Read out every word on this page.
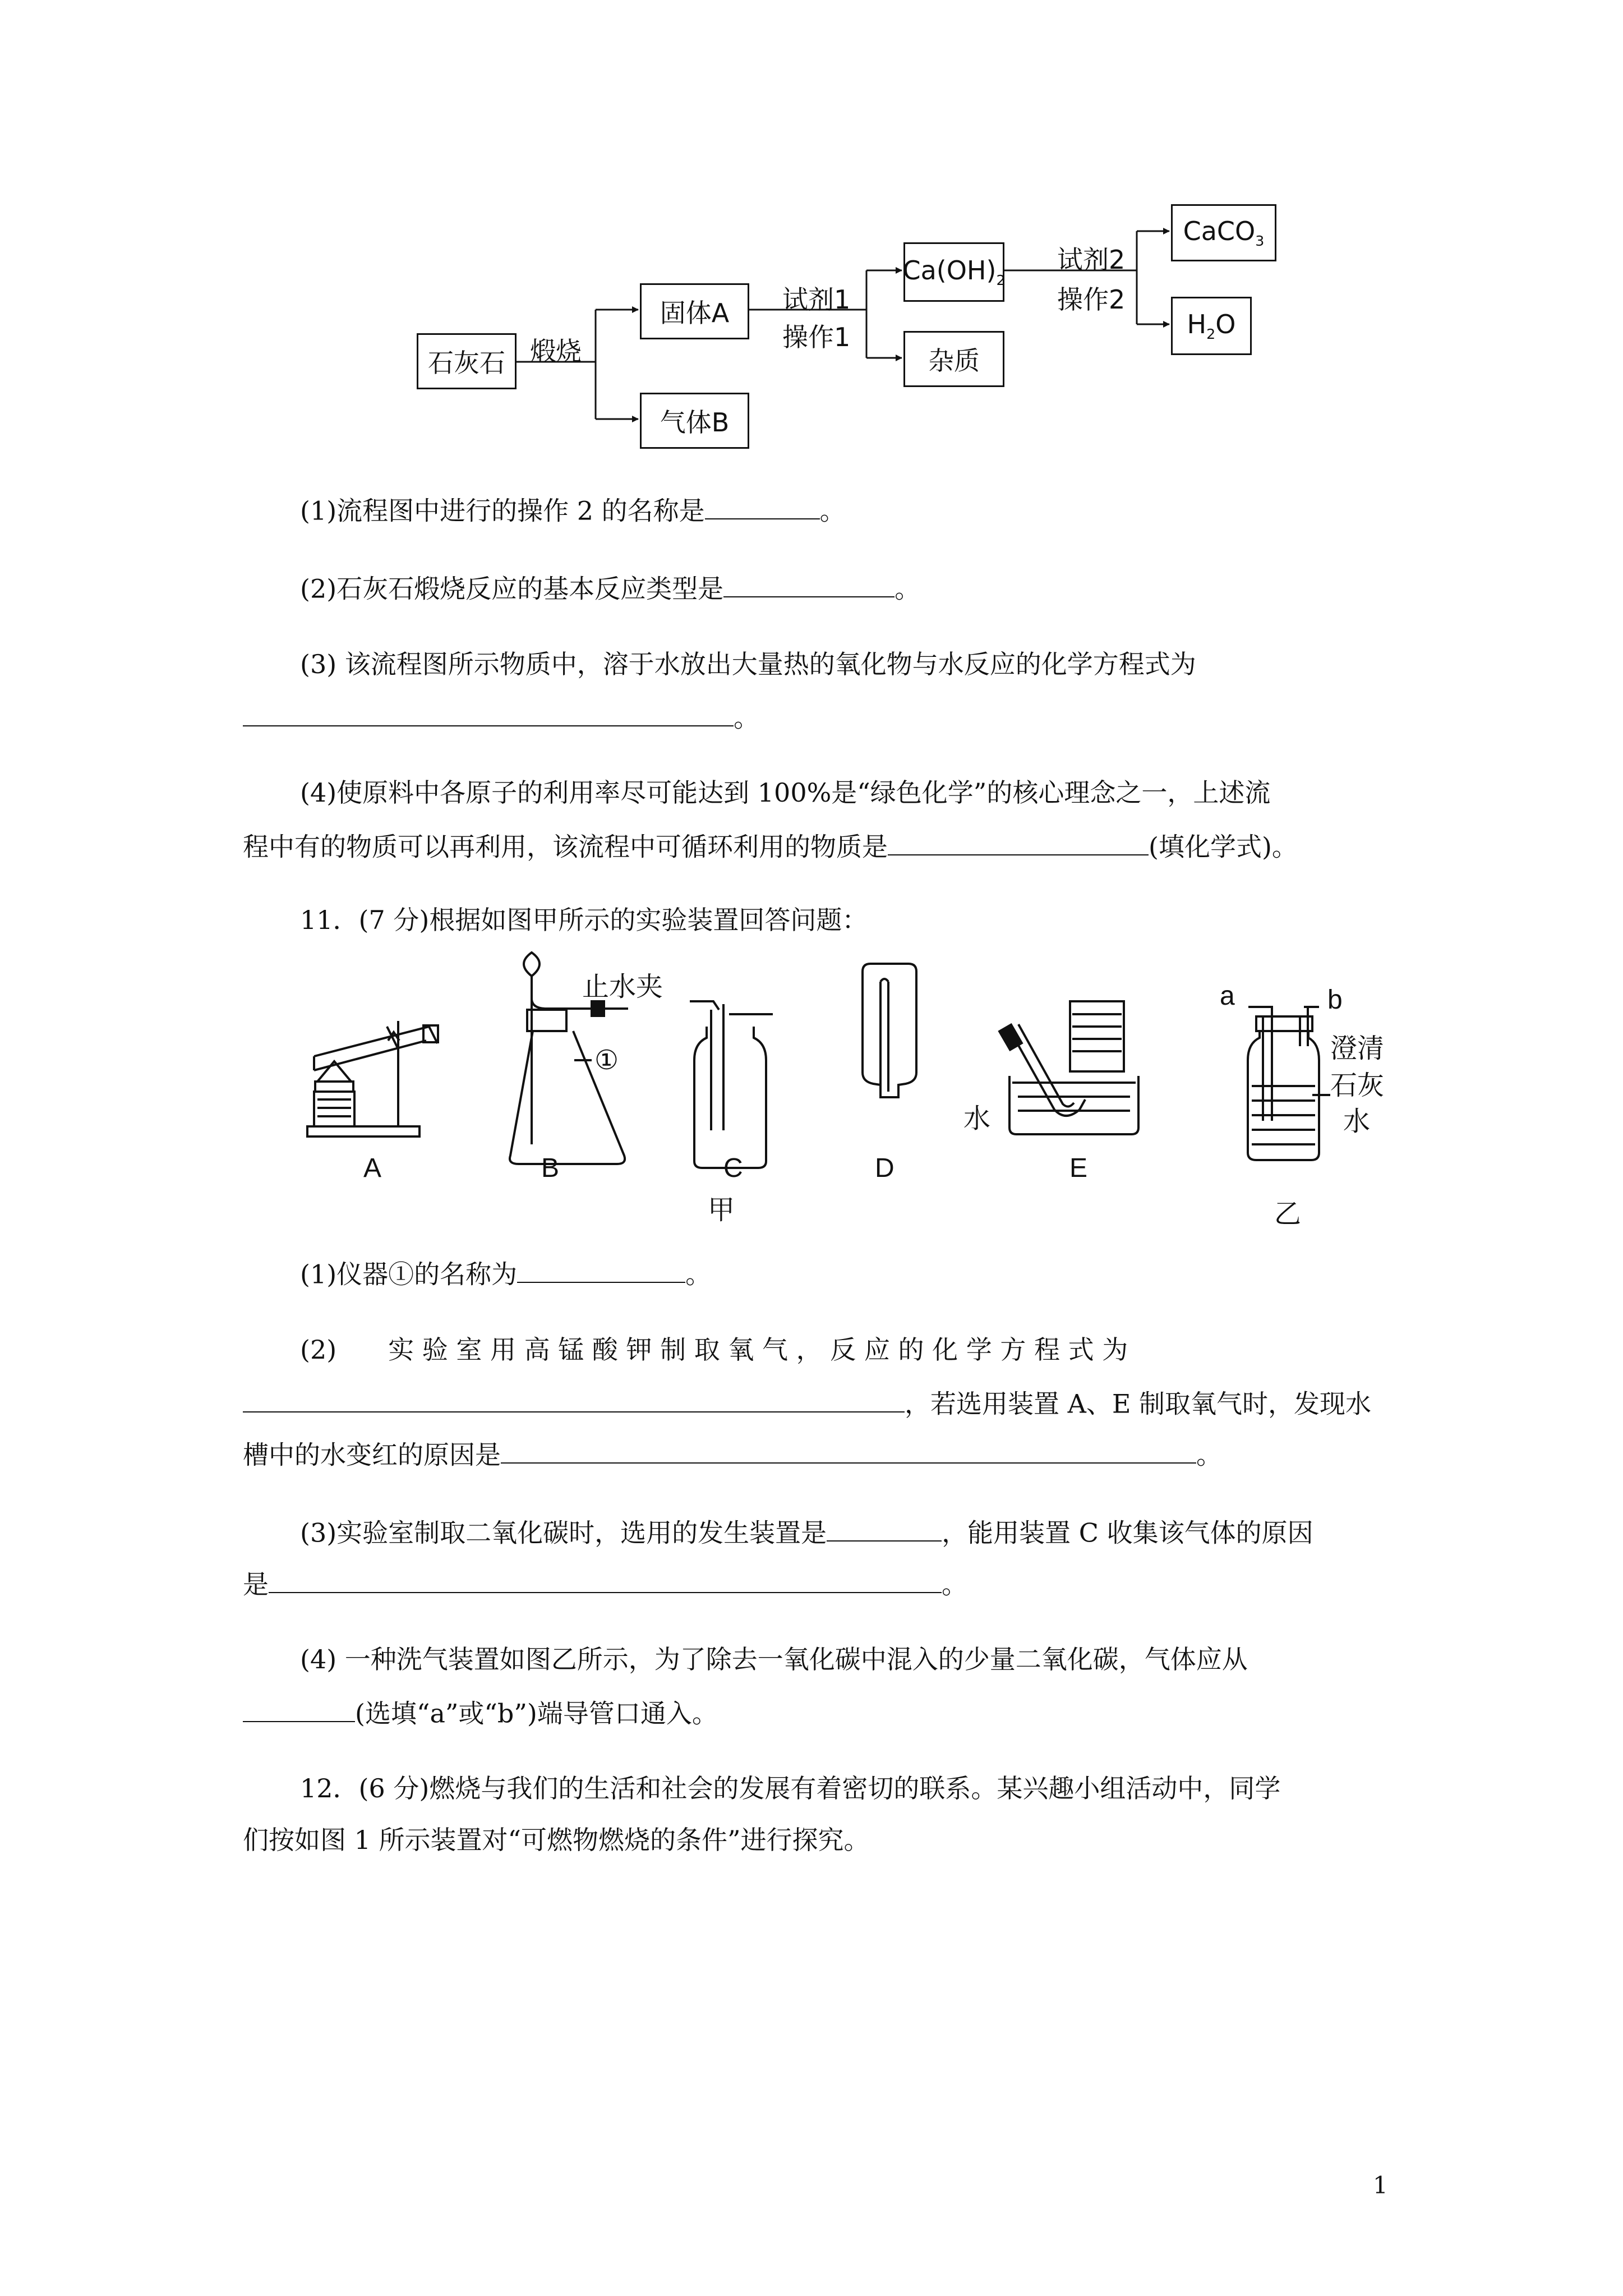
石灰石 煅烧
固体A
气体B
试剂1
操作1
$Ca(OH)_2$
杂质
试剂2
操作2
CaCO$_3$
$H_2O$
(1)流程图中进行的操作 2 的名称是	。
(2)石灰石煅烧反应的基本反应类型是	。
(3) 该流程图所示物质中，溶于水放出大量热的氧化物与水反应的化学方程式为
。
(4)使原料中各原子的利用率尽可能达到 100%是“绿色化学”的核心理念之一，上述流
程中有的物质可以再利用，该流程中可循环利用的物质是	(填化学式)。
11．(7 分)根据如图甲所示的实验装置回答问题：
止水夹
①
水
A	B	C	D	E
甲
a	b
澄清
石灰
水
乙
(1)仪器①的名称为	。
(2)　　实 验 室 用 高 锰 酸 钾 制 取 氧 气 ， 反 应 的 化 学 方 程 式 为
，若选用装置 A、E 制取氧气时，发现水
槽中的水变红的原因是	。
(3)实验室制取二氧化碳时，选用的发生装置是	，能用装置 C 收集该气体的原因
是	。
(4) 一种洗气装置如图乙所示，为了除去一氧化碳中混入的少量二氧化碳，气体应从
(选填“a”或“b”)端导管口通入。
12．(6 分)燃烧与我们的生活和社会的发展有着密切的联系。某兴趣小组活动中，同学
们按如图 1 所示装置对“可燃物燃烧的条件”进行探究。
1
